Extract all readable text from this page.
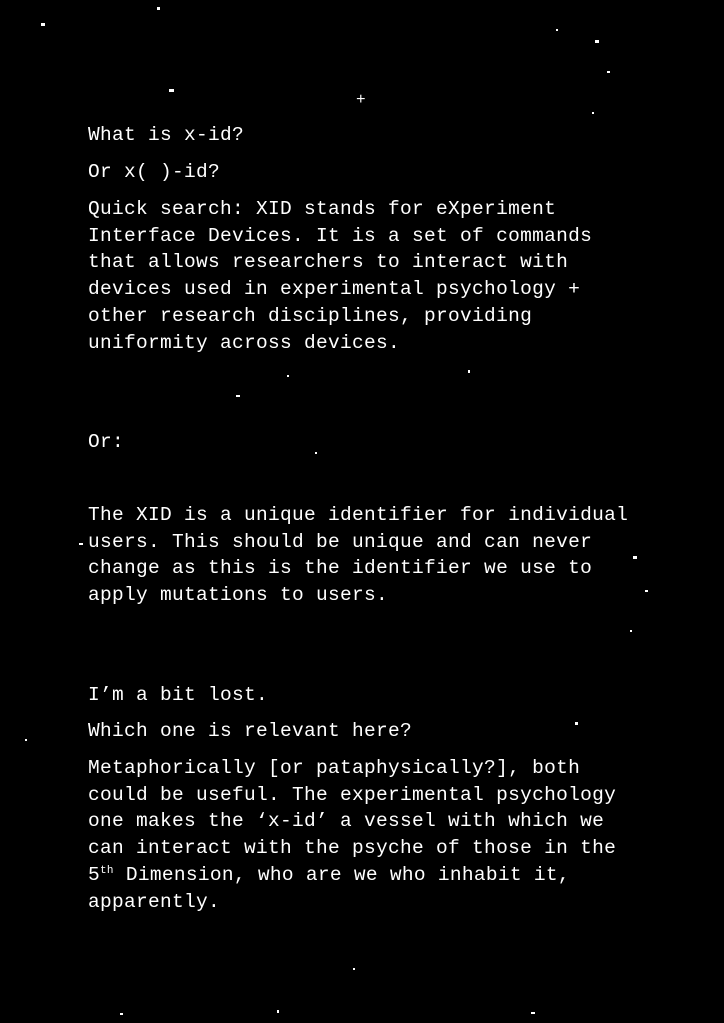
+

What is x-id?

Or x( )-id?

Quick search: XID stands for eXperiment Interface Devices. It is a set of commands that allows researchers to interact with devices used in experimental psychology + other research disciplines, providing uniformity across devices.

Or:

The XID is a unique identifier for individual users. This should be unique and can never change as this is the identifier we use to apply mutations to users.

I’m a bit lost.

Which one is relevant here?

Metaphorically [or pataphysically?], both could be useful. The experimental psychology one makes the ‘x-id’ a vessel with which we can interact with the psyche of those in the 5th Dimension, who are we who inhabit it, apparently.
